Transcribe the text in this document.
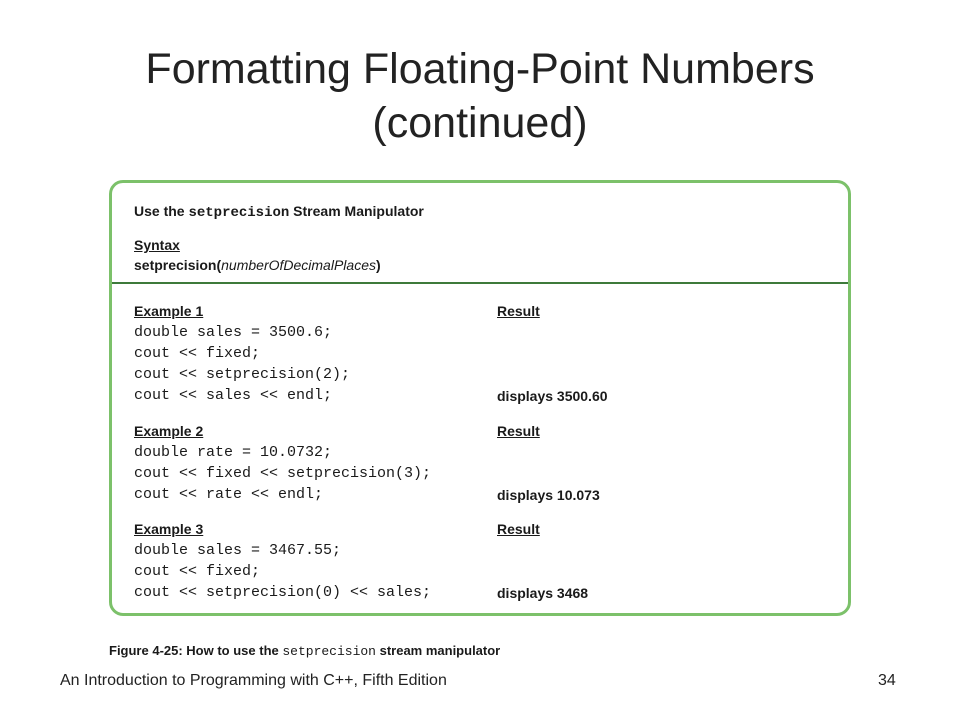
Formatting Floating-Point Numbers
(continued)
Use the setprecision Stream Manipulator
Syntax
setprecision(numberOfDecimalPlaces)
Example 1	Result
double sales = 3500.6;
cout << fixed;
cout << setprecision(2);
cout << sales << endl;	displays 3500.60
Example 2	Result
double rate = 10.0732;
cout << fixed << setprecision(3);
cout << rate << endl;	displays 10.073
Example 3	Result
double sales = 3467.55;
cout << fixed;
cout << setprecision(0) << sales;	displays 3468
Figure 4-25: How to use the setprecision stream manipulator
An Introduction to Programming with C++, Fifth Edition	34
